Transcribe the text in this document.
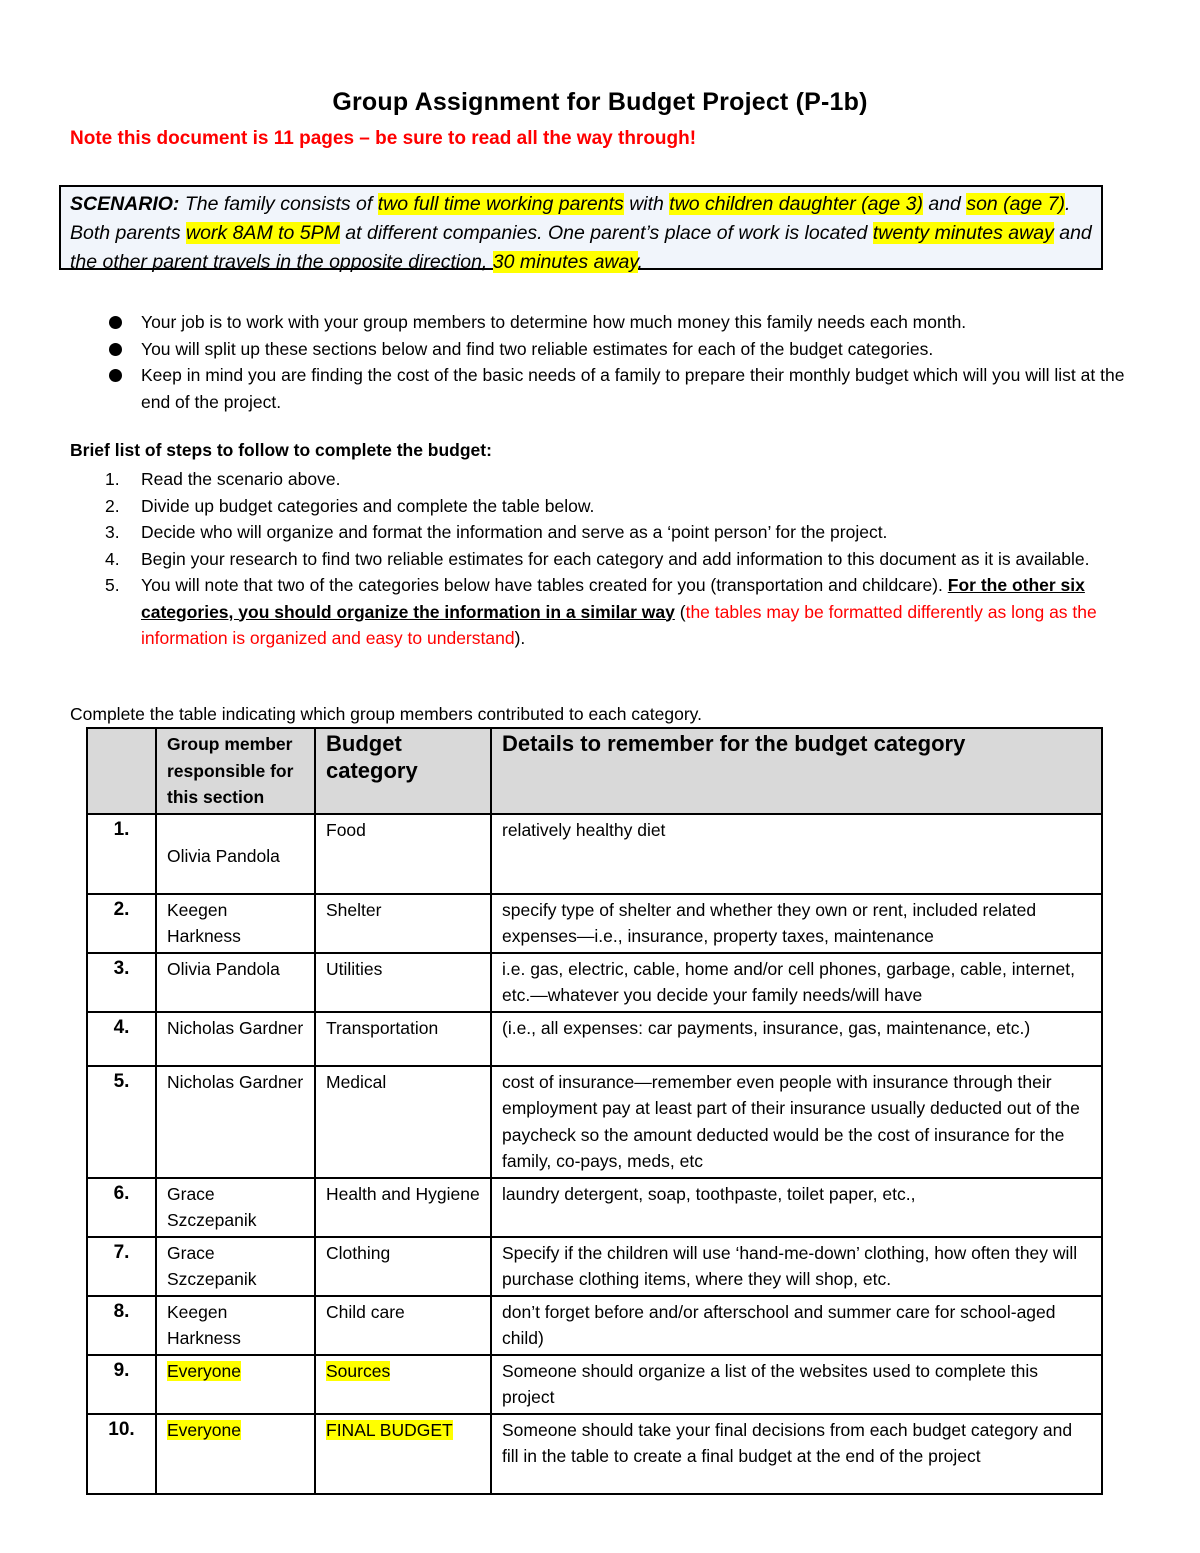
Group Assignment for Budget Project (P-1b)

Note this document is 11 pages – be sure to read all the way through!

SCENARIO: The family consists of two full time working parents with two children daughter (age 3) and son (age 7). Both parents work 8AM to 5PM at different companies. One parent’s place of work is located twenty minutes away and the other parent travels in the opposite direction, 30 minutes away.
Your job is to work with your group members to determine how much money this family needs each month.
You will split up these sections below and find two reliable estimates for each of the budget categories.
Keep in mind you are finding the cost of the basic needs of a family to prepare their monthly budget which will you will list at the end of the project.
Brief list of steps to follow to complete the budget:
1. Read the scenario above.
2. Divide up budget categories and complete the table below.
3. Decide who will organize and format the information and serve as a ‘point person’ for the project.
4. Begin your research to find two reliable estimates for each category and add information to this document as it is available.
5. You will note that two of the categories below have tables created for you (transportation and childcare). For the other six categories, you should organize the information in a similar way (the tables may be formatted differently as long as the information is organized and easy to understand).
Complete the table indicating which group members contributed to each category.
	Group member responsible for this section	Budget category	Details to remember for the budget category
1.	Olivia Pandola	Food	relatively healthy diet
2.	Keegen Harkness	Shelter	specify type of shelter and whether they own or rent, included related expenses—i.e., insurance, property taxes, maintenance
3.	Olivia Pandola	Utilities	i.e. gas, electric, cable, home and/or cell phones, garbage, cable, internet, etc.—whatever you decide your family needs/will have
4.	Nicholas Gardner	Transportation	(i.e., all expenses: car payments, insurance, gas, maintenance, etc.)
5.	Nicholas Gardner	Medical	cost of insurance—remember even people with insurance through their employment pay at least part of their insurance usually deducted out of the paycheck so the amount deducted would be the cost of insurance for the family, co-pays, meds, etc
6.	Grace Szczepanik	Health and Hygiene	laundry detergent, soap, toothpaste, toilet paper, etc.,
7.	Grace Szczepanik	Clothing	Specify if the children will use ‘hand-me-down’ clothing, how often they will purchase clothing items, where they will shop, etc.
8.	Keegen Harkness	Child care	don’t forget before and/or afterschool and summer care for school-aged child)
9.	Everyone	Sources	Someone should organize a list of the websites used to complete this project
10.	Everyone	FINAL BUDGET	Someone should take your final decisions from each budget category and fill in the table to create a final budget at the end of the project
